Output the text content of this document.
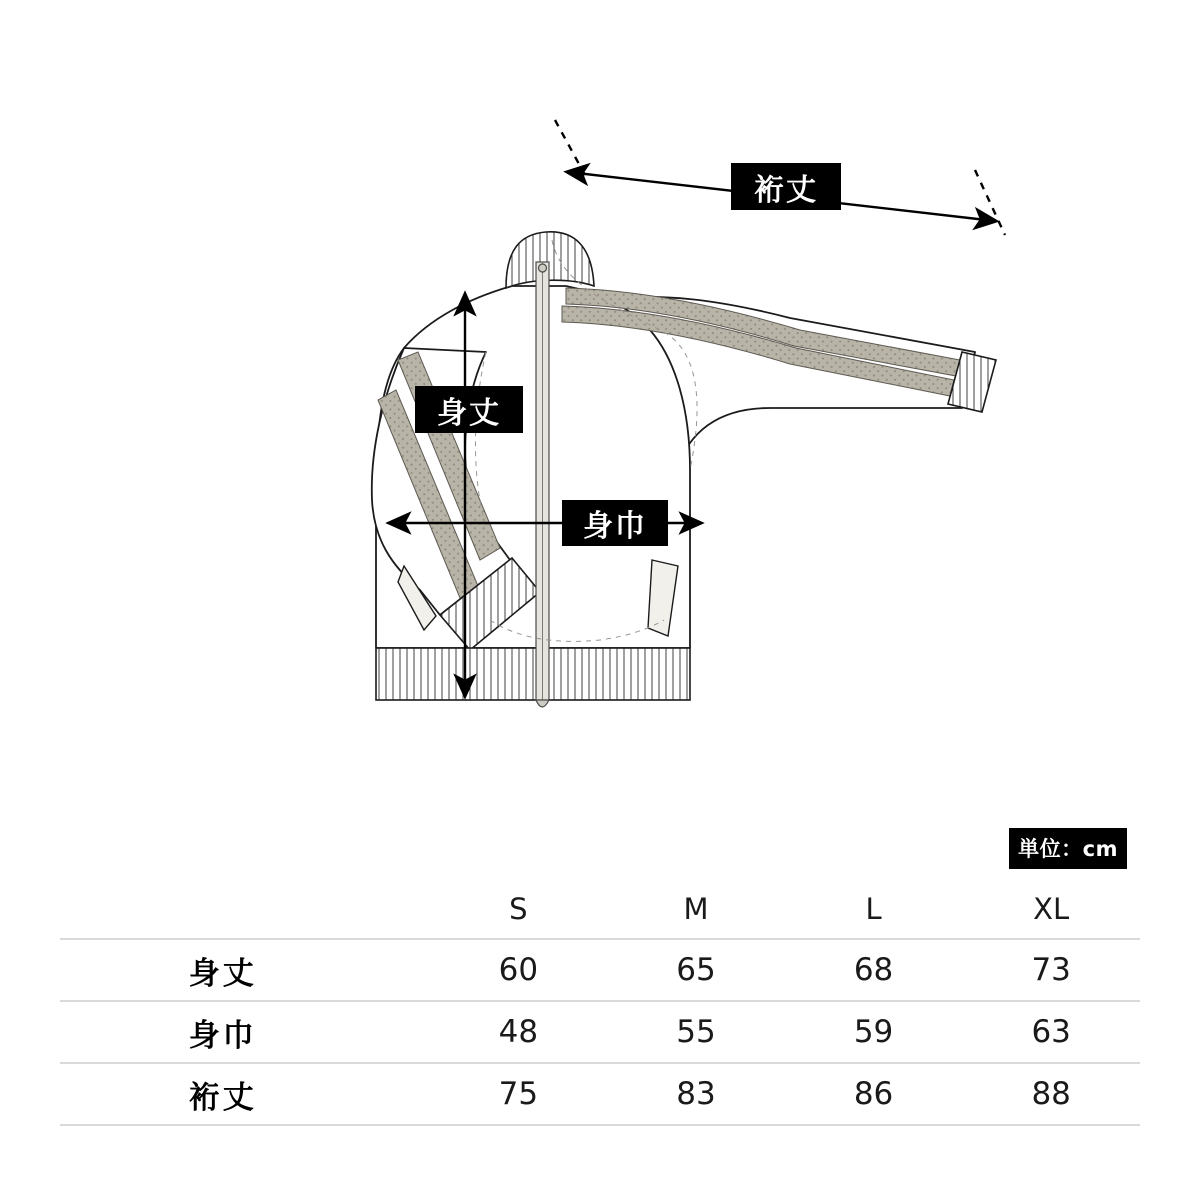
裄丈
身丈
身巾
単位：cm
	S	M	L	XL
身丈	60	65	68	73
身巾	48	55	59	63
裄丈	75	83	86	88
